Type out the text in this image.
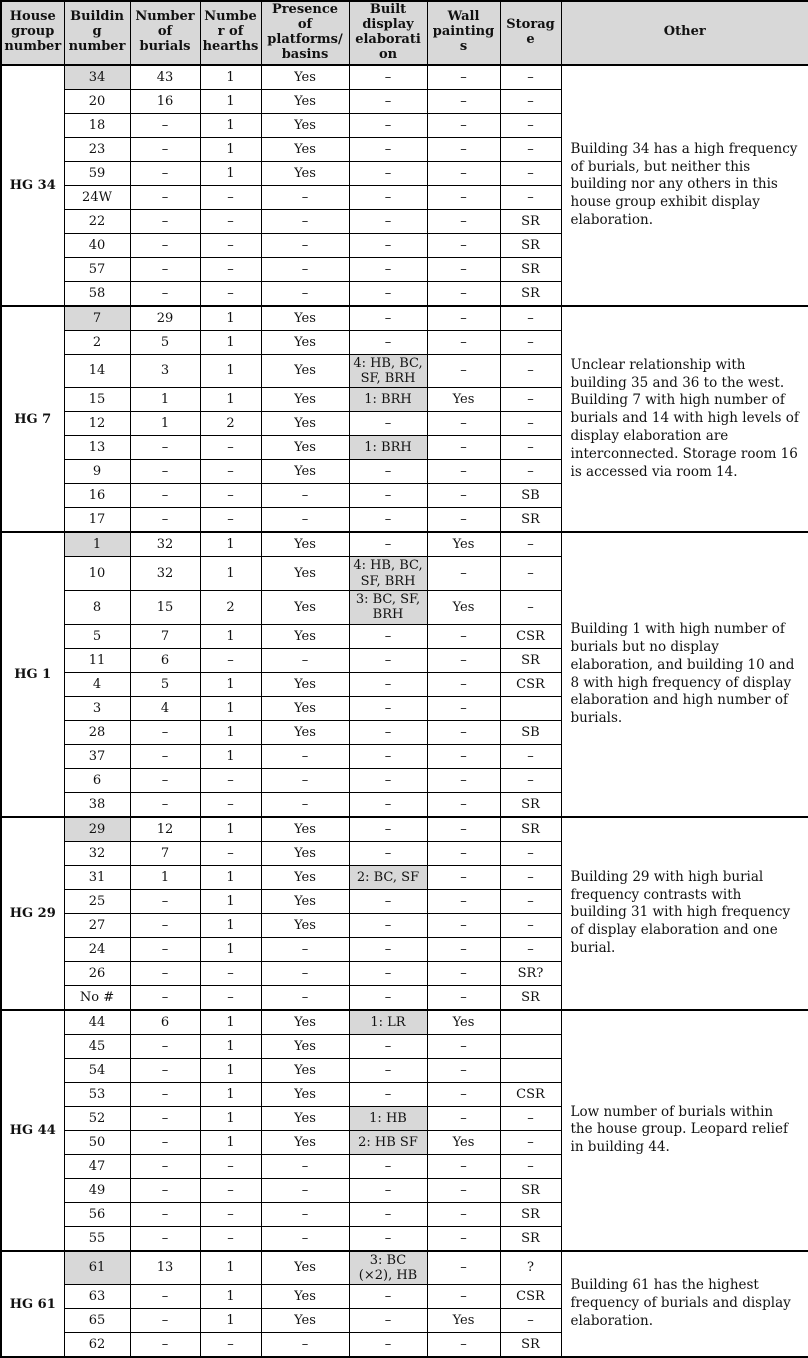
House group number	Building number	Number of burials	Number of hearths	Presence of platforms/ basins	Built display elaboration	Wall paintings	Storage	Other
HG 34	34	43	1	Yes	–	–	–	Building 34 has a high frequency of burials, but neither this building nor any others in this house group exhibit display elaboration.
	20	16	1	Yes	–	–	–	
	18	–	1	Yes	–	–	–	
	23	–	1	Yes	–	–	–	
	59	–	1	Yes	–	–	–	
	24W	–	–	–	–	–	–	
	22	–	–	–	–	–	SR	
	40	–	–	–	–	–	SR	
	57	–	–	–	–	–	SR	
	58	–	–	–	–	–	SR	
HG 7	7	29	1	Yes	–	–	–	Unclear relationship with building 35 and 36 to the west. Building 7 with high number of burials and 14 with high levels of display elaboration are interconnected. Storage room 16 is accessed via room 14.
	2	5	1	Yes	–	–	–	
	14	3	1	Yes	4: HB, BC, SF, BRH	–	–	
	15	1	1	Yes	1: BRH	Yes	–	
	12	1	2	Yes	–	–	–	
	13	–	–	Yes	1: BRH	–	–	
	9	–	–	Yes	–	–	–	
	16	–	–	–	–	–	SB	
	17	–	–	–	–	–	SR	
HG 1	1	32	1	Yes	–	Yes	–	Building 1 with high number of burials but no display elaboration, and building 10 and 8 with high frequency of display elaboration and high number of burials.
	10	32	1	Yes	4: HB, BC, SF, BRH	–	–	
	8	15	2	Yes	3: BC, SF, BRH	Yes	–	
	5	7	1	Yes	–	–	CSR	
	11	6	–	–	–	–	SR	
	4	5	1	Yes	–	–	CSR	
	3	4	1	Yes	–	–		
	28	–	1	Yes	–	–	SB	
	37	–	1	–	–	–	–	
	6	–	–	–	–	–	–	
	38	–	–	–	–	–	SR	
HG 29	29	12	1	Yes	–	–	SR	Building 29 with high burial frequency contrasts with building 31 with high frequency of display elaboration and one burial.
	32	7	–	Yes	–	–	–	
	31	1	1	Yes	2: BC, SF	–	–	
	25	–	1	Yes	–	–	–	
	27	–	1	Yes	–	–	–	
	24	–	1	–	–	–	–	
	26	–	–	–	–	–	SR?	
	No #	–	–	–	–	–	SR	
HG 44	44	6	1	Yes	1: LR	Yes		Low number of burials within the house group. Leopard relief in building 44.
	45	–	1	Yes	–	–		
	54	–	1	Yes	–	–		
	53	–	1	Yes	–	–	CSR	
	52	–	1	Yes	1: HB	–	–	
	50	–	1	Yes	2: HB SF	Yes	–	
	47	–	–	–	–	–	–	
	49	–	–	–	–	–	SR	
	56	–	–	–	–	–	SR	
	55	–	–	–	–	–	SR	
HG 61	61	13	1	Yes	3: BC (×2), HB	–	?	Building 61 has the highest frequency of burials and display elaboration.
	63	–	1	Yes	–	–	CSR	
	65	–	1	Yes	–	Yes	–	
	62	–	–	–	–	–	SR	
